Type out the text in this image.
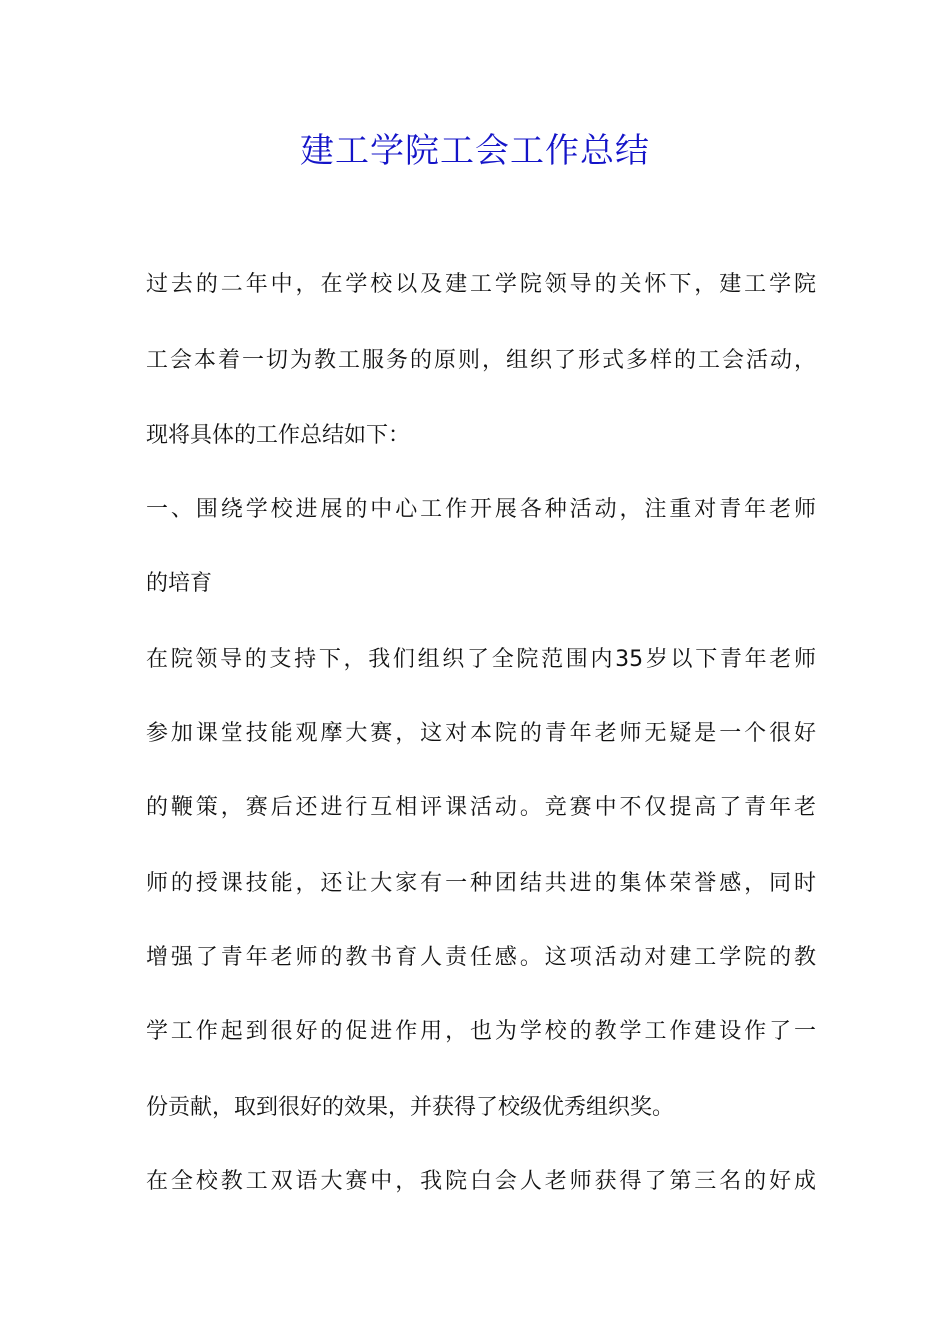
建工学院工会工作总结
过去的二年中，在学校以及建工学院领导的关怀下，建工学院
工会本着一切为教工服务的原则，组织了形式多样的工会活动，
现将具体的工作总结如下：
一、围绕学校进展的中心工作开展各种活动，注重对青年老师
的培育
在院领导的支持下，我们组织了全院范围内35岁以下青年老师
参加课堂技能观摩大赛，这对本院的青年老师无疑是一个很好
的鞭策，赛后还进行互相评课活动。竞赛中不仅提高了青年老
师的授课技能，还让大家有一种团结共进的集体荣誉感，同时
增强了青年老师的教书育人责任感。这项活动对建工学院的教
学工作起到很好的促进作用，也为学校的教学工作建设作了一
份贡献，取到很好的效果，并获得了校级优秀组织奖。
在全校教工双语大赛中，我院白会人老师获得了第三名的好成
